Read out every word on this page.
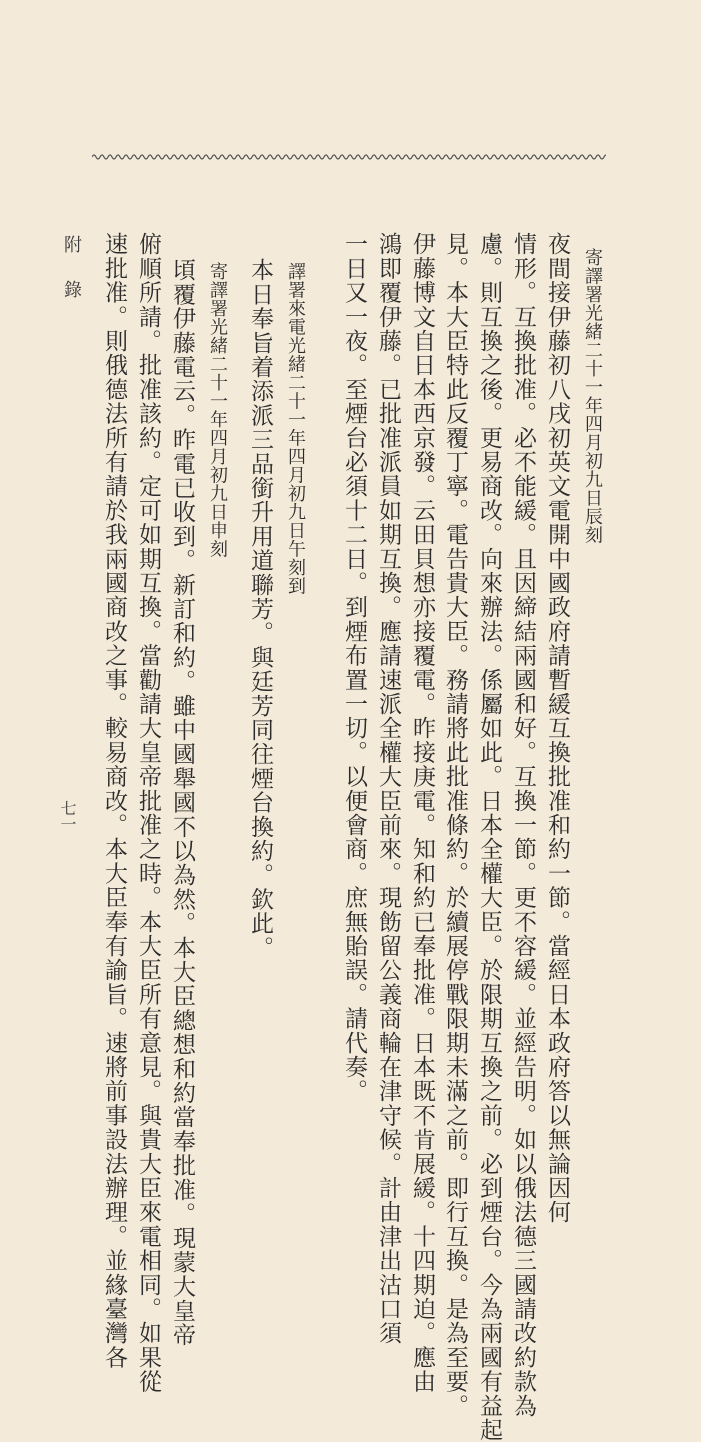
寄譯署光緒二十一年四月初九日辰刻
夜間接伊藤初八戌初英文電開中國政府請暫緩互換批准和約一節。當經日本政府答以無論因何
情形。互換批准。必不能緩。且因締結兩國和好。互換一節。更不容緩。並經告明。如以俄法德三國請改約款為
慮。則互換之後。更易商改。向來辦法。係屬如此。日本全權大臣。於限期互換之前。必到煙台。今為兩國有益起
見。本大臣特此反覆丁寧。電告貴大臣。務請將此批准條約。於續展停戰限期未滿之前。即行互換。是為至要。
伊藤博文自日本西京發。云田貝想亦接覆電。昨接庚電。知和約已奉批准。日本既不肯展緩。十四期迫。應由
鴻即覆伊藤。已批准派員如期互換。應請速派全權大臣前來。現飭留公義商輪在津守候。計由津出沽口須
一日又一夜。至煙台必須十二日。到煙布置一切。以便會商。庶無貽誤。請代奏。
譯署來電光緒二十一年四月初九日午刻到
本日奉旨着添派三品銜升用道聯芳。與廷芳同往煙台換約。欽此。
寄譯署光緒二十一年四月初九日申刻
頃覆伊藤電云。昨電已收到。新訂和約。雖中國舉國不以為然。本大臣總想和約當奉批准。現蒙大皇帝
俯順所請。批准該約。定可如期互換。當勸請大皇帝批准之時。本大臣所有意見。與貴大臣來電相同。如果從
速批准。則俄德法所有請於我兩國商改之事。較易商改。本大臣奉有諭旨。速將前事設法辦理。並緣臺灣各
附 錄
七一
